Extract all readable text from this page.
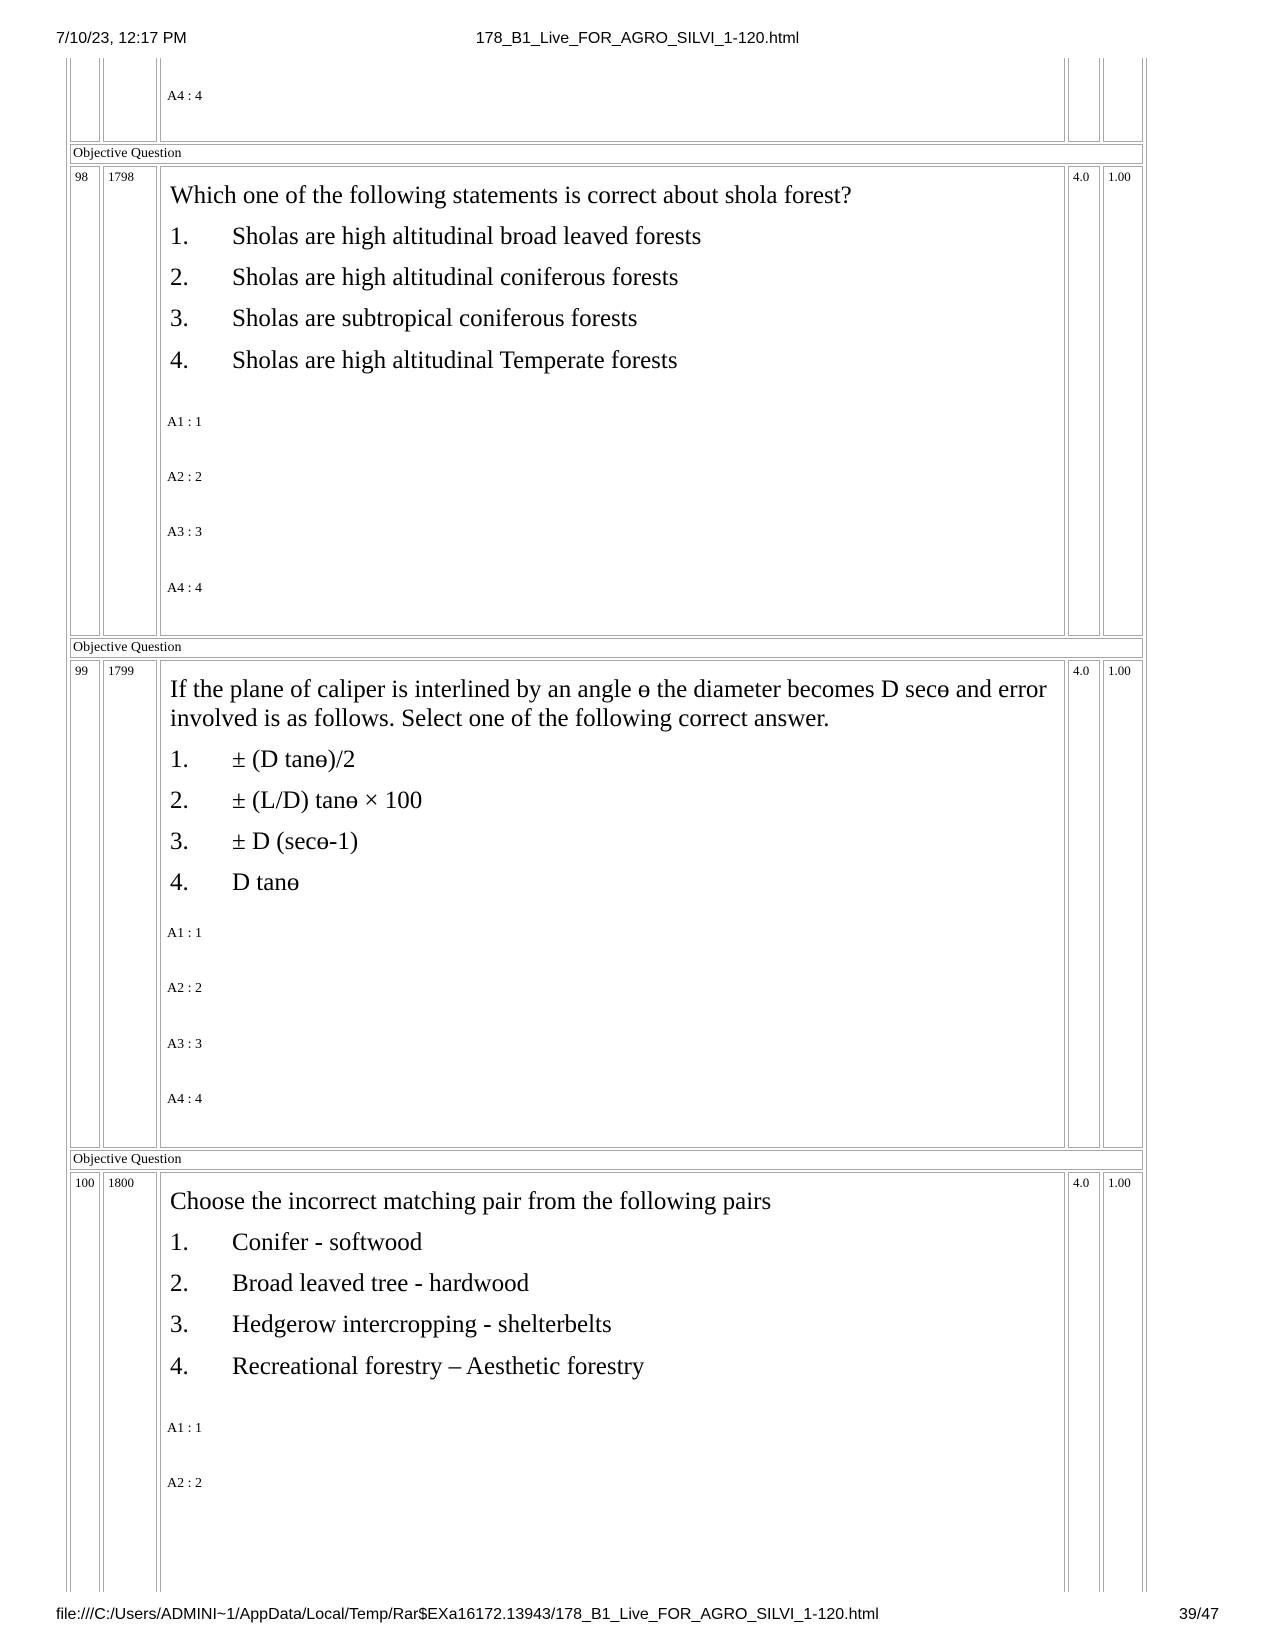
7/10/23, 12:17 PM	178_B1_Live_FOR_AGRO_SILVI_1-120.html
A4 : 4
Objective Question
98	1798
Which one of the following statements is correct about shola forest?
1. Sholas are high altitudinal broad leaved forests
2. Sholas are high altitudinal coniferous forests
3. Sholas are subtropical coniferous forests
4. Sholas are high altitudinal Temperate forests
A1 : 1
A2 : 2
A3 : 3
A4 : 4
4.0	1.00
Objective Question
99	1799
If the plane of caliper is interlined by an angle ɵ the diameter becomes D secɵ and error involved is as follows. Select one of the following correct answer.
1. ± (D tanɵ)/2
2. ± (L/D) tanɵ × 100
3. ± D (secɵ-1)
4. D tanɵ
A1 : 1
A2 : 2
A3 : 3
A4 : 4
4.0	1.00
Objective Question
100	1800
Choose the incorrect matching pair from the following pairs
1. Conifer - softwood
2. Broad leaved tree - hardwood
3. Hedgerow intercropping - shelterbelts
4. Recreational forestry – Aesthetic forestry
A1 : 1
A2 : 2
4.0	1.00
file:///C:/Users/ADMINI~1/AppData/Local/Temp/Rar$EXa16172.13943/178_B1_Live_FOR_AGRO_SILVI_1-120.html	39/47
